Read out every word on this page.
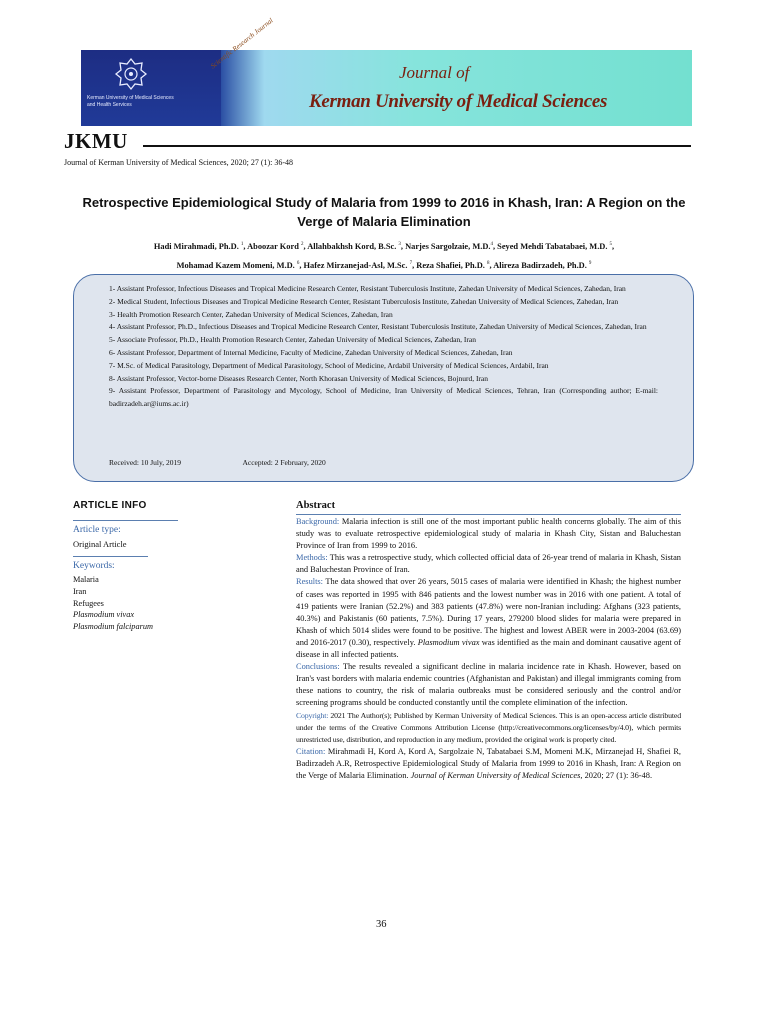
Kerman University of Medical Sciences
and Health Services
Scientific Research Journal
Journal of
Kerman University of Medical Sciences
JKMU
Journal of Kerman University of Medical Sciences, 2020; 27 (1): 36-48
Retrospective Epidemiological Study of Malaria from 1999 to 2016 in Khash, Iran: A Region on the Verge of Malaria Elimination
Hadi Mirahmadi, Ph.D. $^1$, Aboozar Kord $^2$, Allahbakhsh Kord, B.Sc. $^3$, Narjes Sargolzaie, M.D.$^4$, Seyed Mehdi Tabatabaei, M.D. $^5$,
Mohamad Kazem Momeni, M.D. $^6$, Hafez Mirzanejad-Asl, M.Sc. $^7$, Reza Shafiei, Ph.D. $^8$, Alireza Badirzadeh, Ph.D. $^9$

1- Assistant Professor, Infectious Diseases and Tropical Medicine Research Center, Resistant Tuberculosis Institute, Zahedan University of Medical Sciences, Zahedan, Iran

2- Medical Student, Infectious Diseases and Tropical Medicine Research Center, Resistant Tuberculosis Institute, Zahedan University of Medical Sciences, Zahedan, Iran

3- Health Promotion Research Center, Zahedan University of Medical Sciences, Zahedan, Iran

4- Assistant Professor, Ph.D., Infectious Diseases and Tropical Medicine Research Center, Resistant Tuberculosis Institute, Zahedan University of Medical Sciences, Zahedan, Iran

5- Associate Professor, Ph.D., Health Promotion Research Center, Zahedan University of Medical Sciences, Zahedan, Iran

6- Assistant Professor, Department of Internal Medicine, Faculty of Medicine, Zahedan University of Medical Sciences, Zahedan, Iran

7- M.Sc. of Medical Parasitology, Department of Medical Parasitology, School of Medicine, Ardabil University of Medical Sciences, Ardabil, Iran

8- Assistant Professor, Vector-borne Diseases Research Center, North Khorasan University of Medical Sciences, Bojnurd, Iran

9- Assistant Professor, Department of Parasitology and Mycology, School of Medicine, Iran University of Medical Sciences, Tehran, Iran (Corresponding author; E-mail: badirzadeh.ar@iums.ac.ir)

Received: 10 July, 2019	Accepted: 2 February, 2020
ARTICLE INFO
Article type:
Original Article
Keywords:
Malaria
Iran
Refugees
Plasmodium vivax
Plasmodium falciparum
Abstract

Background: Malaria infection is still one of the most important public health concerns globally. The aim of this study was to evaluate retrospective epidemiological study of malaria in Khash City, Sistan and Baluchestan Province of Iran from 1999 to 2016.

Methods: This was a retrospective study, which collected official data of 26-year trend of malaria in Khash, Sistan and Baluchestan Province of Iran.

Results: The data showed that over 26 years, 5015 cases of malaria were identified in Khash; the highest number of cases was reported in 1995 with 846 patients and the lowest number was in 2016 with one patient. A total of 419 patients were Iranian (52.2%) and 383 patients (47.8%) were non-Iranian including: Afghans (323 patients, 40.3%) and Pakistanis (60 patients, 7.5%). During 17 years, 279200 blood slides for malaria were prepared in Khash of which 5014 slides were found to be positive. The highest and lowest ABER were in 2003-2004 (63.69) and 2016-2017 (0.30), respectively. Plasmodium vivax was identified as the main and dominant causative agent of disease in all infected patients.

Conclusions: The results revealed a significant decline in malaria incidence rate in Khash. However, based on Iran's vast borders with malaria endemic countries (Afghanistan and Pakistan) and illegal immigrants coming from these nations to country, the risk of malaria outbreaks must be considered seriously and the control and/or screening programs should be conducted constantly until the complete elimination of the infection.

Copyright: 2021 The Author(s); Published by Kerman University of Medical Sciences. This is an open-access article distributed under the terms of the Creative Commons Attribution License (http://creativecommons.org/licenses/by/4.0), which permits unrestricted use, distribution, and reproduction in any medium, provided the original work is properly cited.

Citation: Mirahmadi H, Kord A, Kord A, Sargolzaie N, Tabatabaei S.M, Momeni M.K, Mirzanejad H, Shafiei R, Badirzadeh A.R, Retrospective Epidemiological Study of Malaria from 1999 to 2016 in Khash, Iran: A Region on the Verge of Malaria Elimination. Journal of Kerman University of Medical Sciences, 2020; 27 (1): 36-48.

36
